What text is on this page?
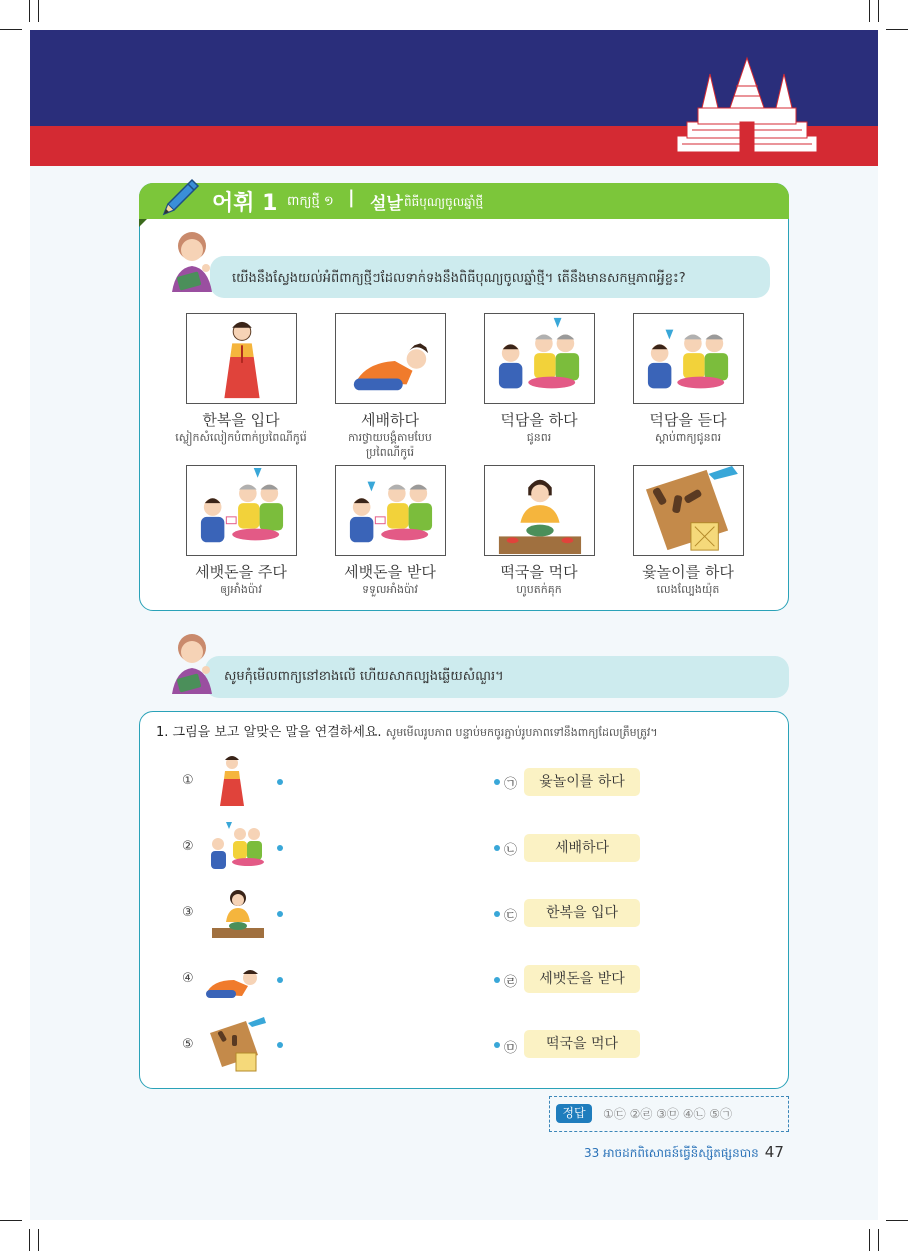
어휘 1 ពាក្យថ្មី ១ | 설날 ពិធីបុណ្យចូលឆ្នាំថ្មី
យើងនឹងស្វែងយល់អំពីពាក្យថ្មីៗដែលទាក់ទងនឹងពិធីបុណ្យចូលឆ្នាំថ្មី។ តើនឹងមានសកម្មភាពអ្វីខ្លះ?
한복을 입다
ស្លៀកសំលៀកបំពាក់ប្រពៃណីកូរ៉េ
세배하다
ការថ្វាយបង្គំតាមបែបប្រពៃណីកូរ៉េ
덕담을 하다
ជូនពរ
덕담을 듣다
ស្តាប់ពាក្យជូនពរ
세뱃돈을 주다
ឲ្យអាំងប៉ាវ
세뱃돈을 받다
ទទួលអាំងប៉ាវ
떡국을 먹다
ហូបតក់គុក
윷놀이를 하다
លេងល្បែងយ៉ុត
សូមកុំមើលពាក្យនៅខាងលើ ហើយសាកល្បងឆ្លើយសំណួរ។
1. 그림을 보고 알맞은 말을 연결하세요. សូមមើលរូបភាព បន្ទាប់មកចូរភ្ជាប់រូបភាពទៅនឹងពាក្យដែលត្រឹមត្រូវ។
①	㉠	윷놀이를 하다
②	㉡	세배하다
③	㉢	한복을 입다
④	㉣	세뱃돈을 받다
⑤	㉤	떡국을 먹다
정답	①㉢ ②㉣ ③㉤ ④㉡ ⑤㉠
33 អាចដកពិសោធន៍ធ្វើនិស្សិតផ្សនបាន 47
